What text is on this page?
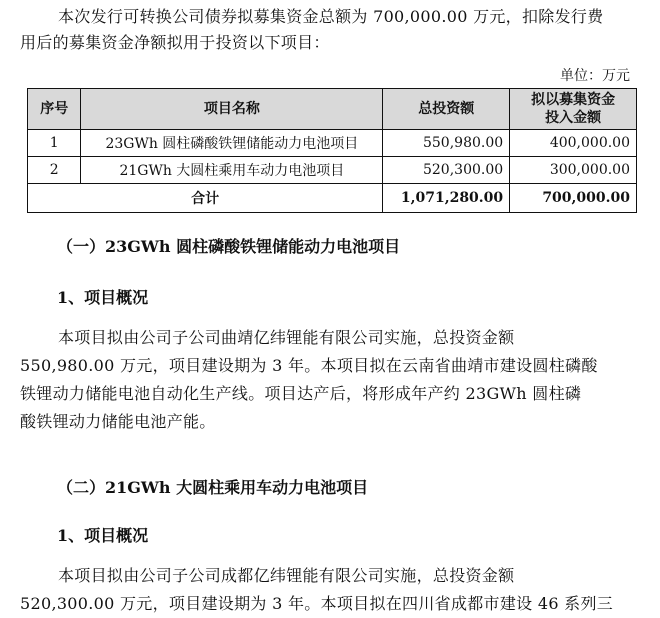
本次发行可转换公司债券拟募集资金总额为 700,000.00 万元，扣除发行费
用后的募集资金净额拟用于投资以下项目：

单位：万元
序号	项目名称	总投资额	拟以募集资金
投入金额
1	23GWh 圆柱磷酸铁锂储能动力电池项目	550,980.00	400,000.00
2	21GWh 大圆柱乘用车动力电池项目	520,300.00	300,000.00
合计		1,071,280.00	700,000.00
（一）23GWh 圆柱磷酸铁锂储能动力电池项目
1、项目概况

本项目拟由公司子公司曲靖亿纬锂能有限公司实施，总投资金额
550,980.00 万元，项目建设期为 3 年。本项目拟在云南省曲靖市建设圆柱磷酸
铁锂动力储能电池自动化生产线。项目达产后，将形成年产约 23GWh 圆柱磷
酸铁锂动力储能电池产能。

（二）21GWh 大圆柱乘用车动力电池项目
1、项目概况

本项目拟由公司子公司成都亿纬锂能有限公司实施，总投资金额
520,300.00 万元，项目建设期为 3 年。本项目拟在四川省成都市建设 46 系列三
